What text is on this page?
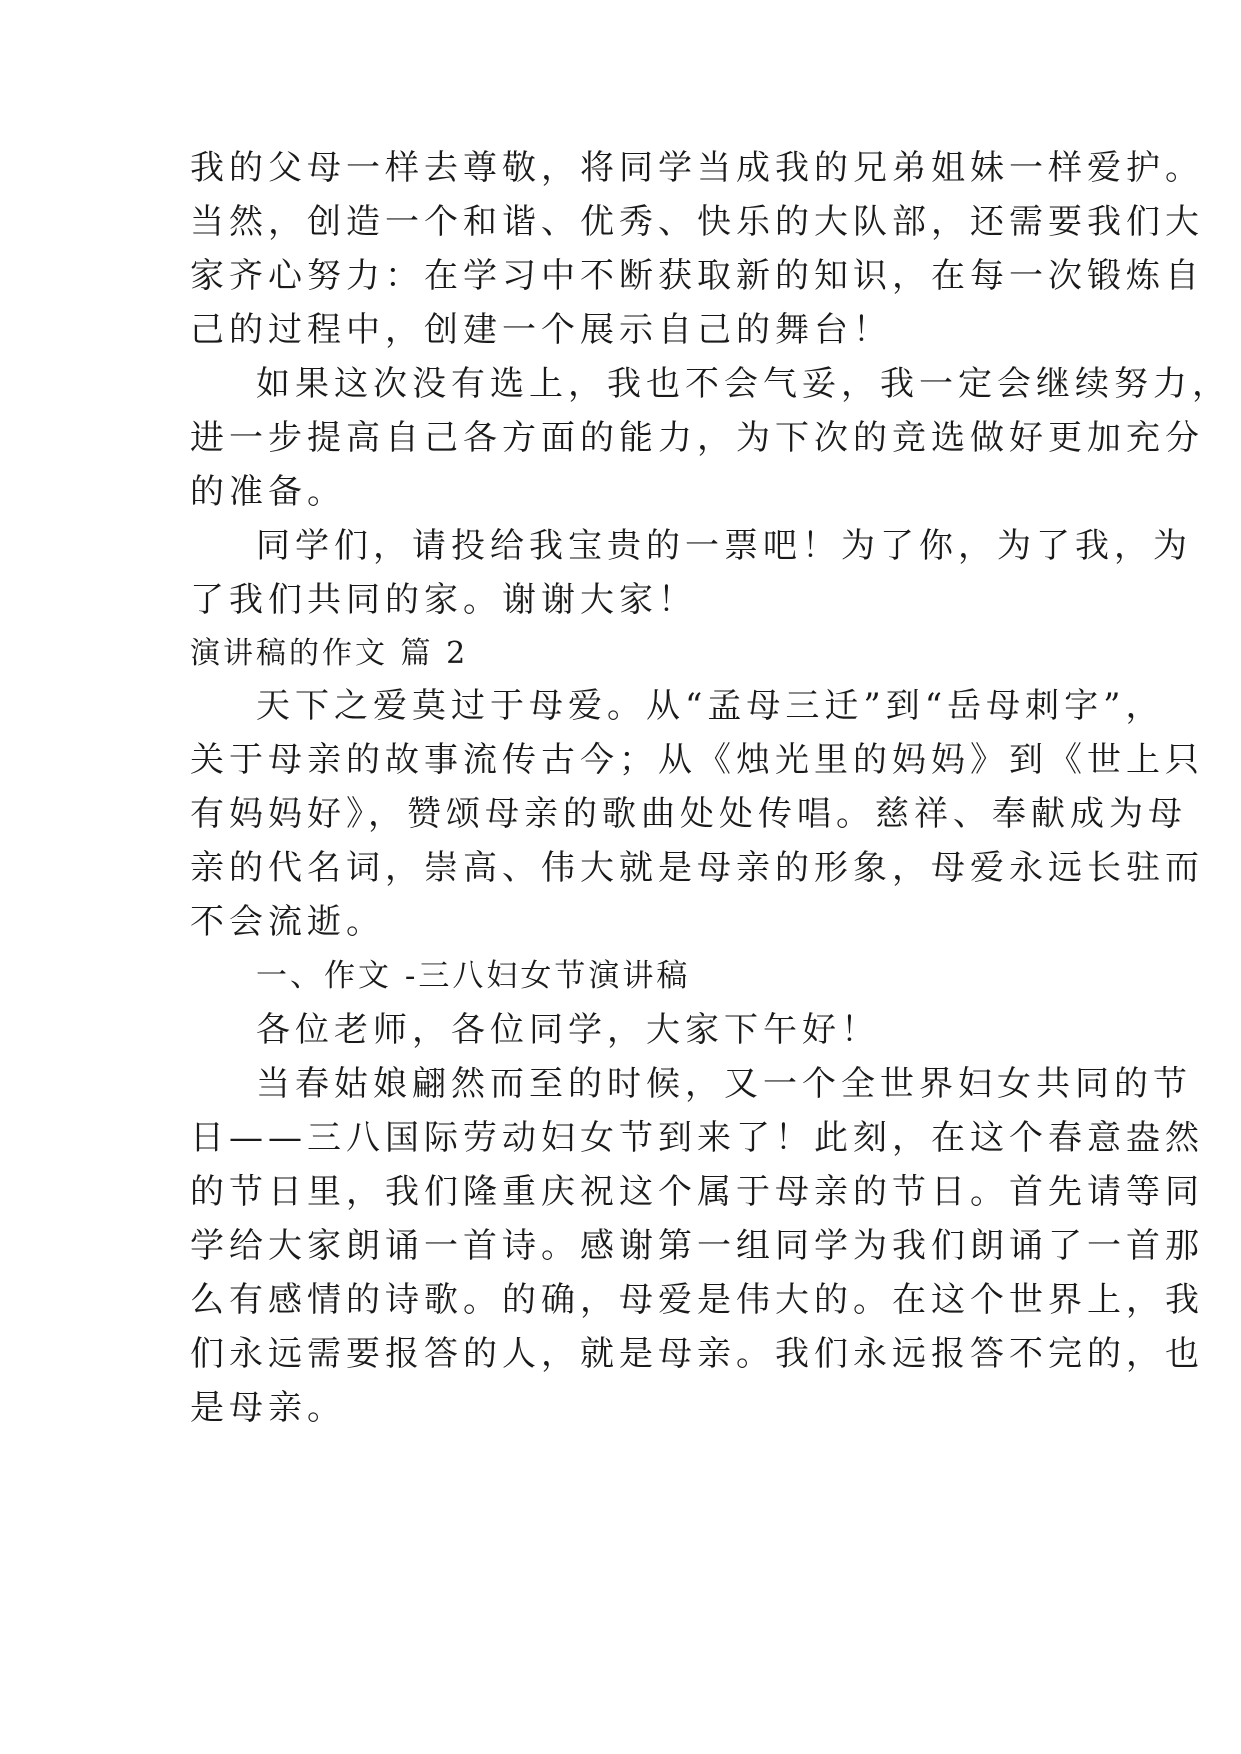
我的父母一样去尊敬，将同学当成我的兄弟姐妹一样爱护。
当然，创造一个和谐、优秀、快乐的大队部，还需要我们大
家齐心努力：在学习中不断获取新的知识，在每一次锻炼自
己的过程中，创建一个展示自己的舞台！
如果这次没有选上，我也不会气妥，我一定会继续努力，
进一步提高自己各方面的能力，为下次的竞选做好更加充分
的准备。
同学们，请投给我宝贵的一票吧！为了你，为了我，为
了我们共同的家。谢谢大家！
演讲稿的作文 篇 2
天下之爱莫过于母爱。从“孟母三迁”到“岳母刺字”，
关于母亲的故事流传古今；从《烛光里的妈妈》到《世上只
有妈妈好》，赞颂母亲的歌曲处处传唱。慈祥、奉献成为母
亲的代名词，崇高、伟大就是母亲的形象，母爱永远长驻而
不会流逝。
一、作文 -三八妇女节演讲稿
各位老师，各位同学，大家下午好！
当春姑娘翩然而至的时候，又一个全世界妇女共同的节
日——三八国际劳动妇女节到来了！此刻，在这个春意盎然
的节日里，我们隆重庆祝这个属于母亲的节日。首先请等同
学给大家朗诵一首诗。感谢第一组同学为我们朗诵了一首那
么有感情的诗歌。的确，母爱是伟大的。在这个世界上，我
们永远需要报答的人，就是母亲。我们永远报答不完的，也
是母亲。
